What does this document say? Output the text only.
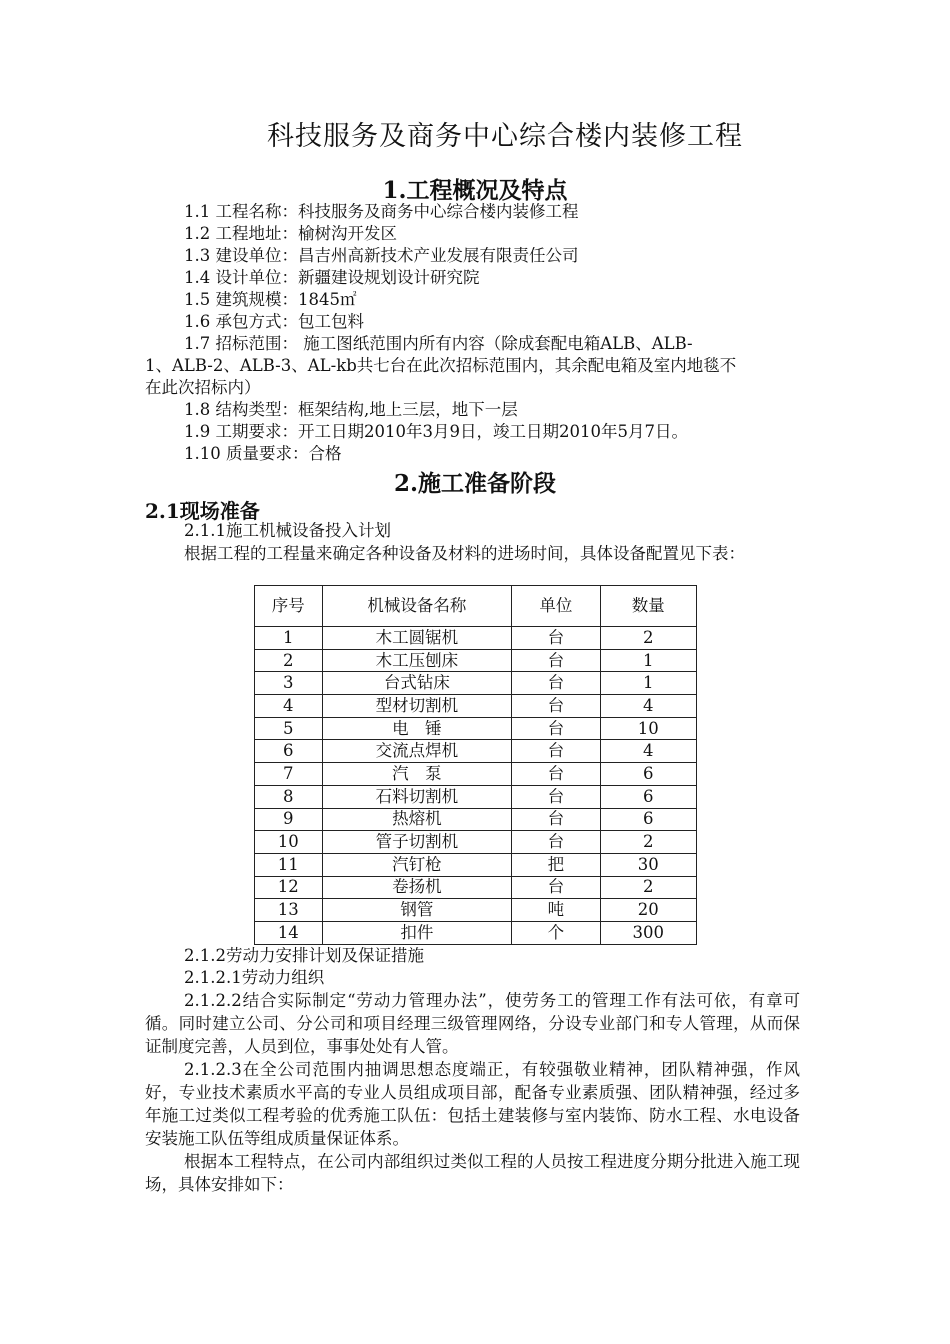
科技服务及商务中心综合楼内装修工程
1.工程概况及特点
1.1 工程名称：科技服务及商务中心综合楼内装修工程
1.2 工程地址：榆树沟开发区
1.3 建设单位：昌吉州高新技术产业发展有限责任公司
1.4 设计单位：新疆建设规划设计研究院
1.5 建筑规模：1845㎡
1.6 承包方式：包工包料
1.7 招标范围： 施工图纸范围内所有内容（除成套配电箱ALB、ALB-
1、ALB-2、ALB-3、AL-kb共七台在此次招标范围内，其余配电箱及室内地毯不
在此次招标内）
1.8 结构类型：框架结构,地上三层，地下一层
1.9 工期要求：开工日期2010年3月9日，竣工日期2010年5月7日。
1.10 质量要求：合格
2.施工准备阶段
2.1现场准备
2.1.1施工机械设备投入计划
根据工程的工程量来确定各种设备及材料的进场时间，具体设备配置见下表：
序号	机械设备名称	单位	数量
1	木工圆锯机	台	2
2	木工压刨床	台	1
3	台式钻床	台	1
4	型材切割机	台	4
5	电　锤	台	10
6	交流点焊机	台	4
7	汽　泵	台	6
8	石料切割机	台	6
9	热熔机	台	6
10	管子切割机	台	2
11	汽钉枪	把	30
12	卷扬机	台	2
13	钢管	吨	20
14	扣件	个	300
2.1.2劳动力安排计划及保证措施
2.1.2.1劳动力组织
2.1.2.2结合实际制定“劳动力管理办法”，使劳务工的管理工作有法可依，有章可循。同时建立公司、分公司和项目经理三级管理网络，分设专业部门和专人管理，从而保证制度完善，人员到位，事事处处有人管。
2.1.2.3在全公司范围内抽调思想态度端正，有较强敬业精神，团队精神强，作风好，专业技术素质水平高的专业人员组成项目部，配备专业素质强、团队精神强，经过多年施工过类似工程考验的优秀施工队伍：包括土建装修与室内装饰、防水工程、水电设备安装施工队伍等组成质量保证体系。
根据本工程特点，在公司内部组织过类似工程的人员按工程进度分期分批进入施工现场，具体安排如下：
